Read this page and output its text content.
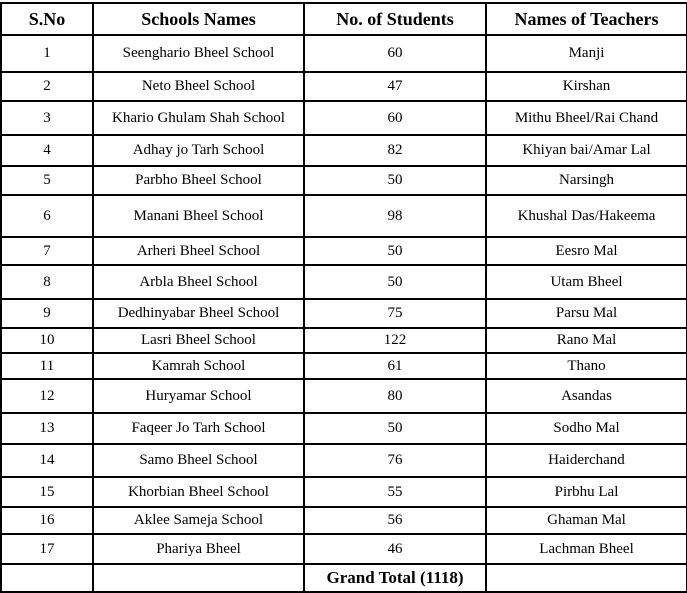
S.No	Schools Names	No. of Students	Names of Teachers
1	Seenghario Bheel School	60	Manji
2	Neto Bheel School	47	Kirshan
3	Khario Ghulam Shah School	60	Mithu Bheel/Rai Chand
4	Adhay jo Tarh School	82	Khiyan bai/Amar Lal
5	Parbho Bheel School	50	Narsingh
6	Manani Bheel School	98	Khushal Das/Hakeema
7	Arheri Bheel School	50	Eesro Mal
8	Arbla Bheel School	50	Utam Bheel
9	Dedhinyabar Bheel School	75	Parsu Mal
10	Lasri Bheel School	122	Rano Mal
11	Kamrah School	61	Thano
12	Huryamar School	80	Asandas
13	Faqeer Jo Tarh School	50	Sodho Mal
14	Samo Bheel School	76	Haiderchand
15	Khorbian Bheel School	55	Pirbhu Lal
16	Aklee Sameja School	56	Ghaman Mal
17	Phariya Bheel	46	Lachman Bheel
		Grand Total (1118)	
